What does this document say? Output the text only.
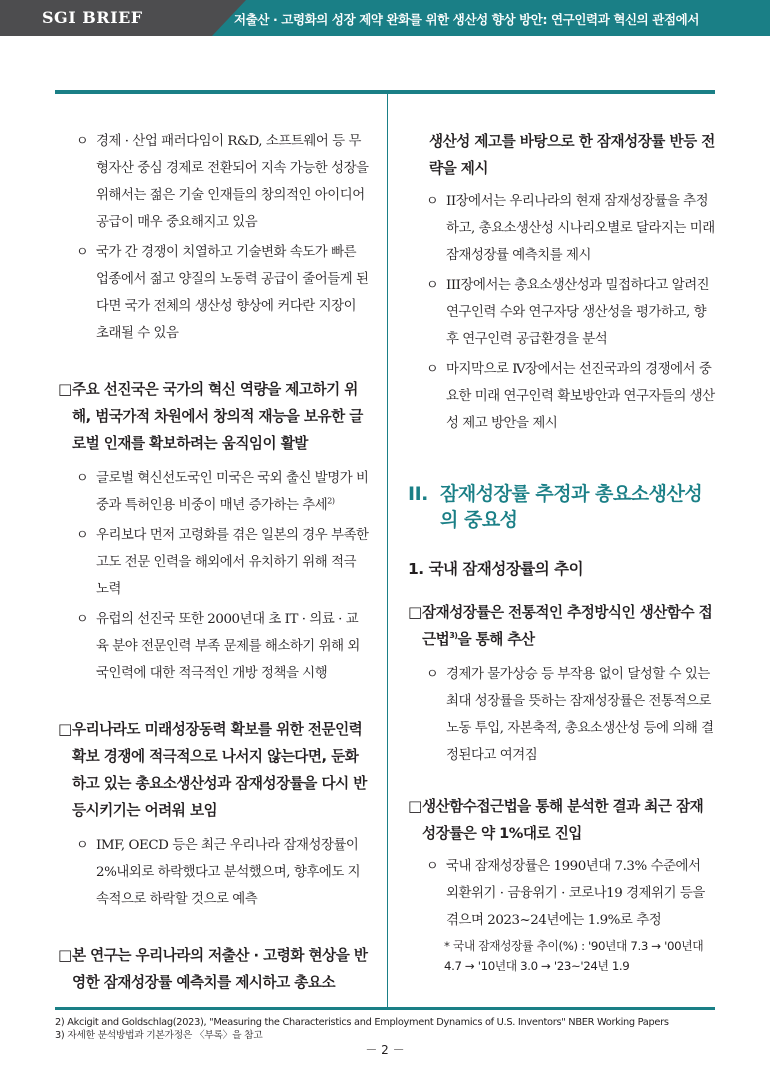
SGI BRIEF	저출산 · 고령화의 성장 제약 완화를 위한 생산성 향상 방안: 연구인력과 혁신의 관점에서
ㅇ 경제 · 산업 패러다임이 R&D, 소프트웨어 등 무형자산 중심 경제로 전환되어 지속 가능한 성장을 위해서는 젊은 기술 인재들의 창의적인 아이디어 공급이 매우 중요해지고 있음
ㅇ 국가 간 경쟁이 치열하고 기술변화 속도가 빠른 업종에서 젊고 양질의 노동력 공급이 줄어들게 된다면 국가 전체의 생산성 향상에 커다란 지장이 초래될 수 있음
□ 주요 선진국은 국가의 혁신 역량을 제고하기 위해, 범국가적 차원에서 창의적 재능을 보유한 글로벌 인재를 확보하려는 움직임이 활발
ㅇ 글로벌 혁신선도국인 미국은 국외 출신 발명가 비중과 특허인용 비중이 매년 증가하는 추세$^{2)}$
ㅇ 우리보다 먼저 고령화를 겪은 일본의 경우 부족한 고도 전문 인력을 해외에서 유치하기 위해 적극 노력
ㅇ 유럽의 선진국 또한 2000년대 초 IT · 의료 · 교육 분야 전문인력 부족 문제를 해소하기 위해 외국인력에 대한 적극적인 개방 정책을 시행
□ 우리나라도 미래성장동력 확보를 위한 전문인력 확보 경쟁에 적극적으로 나서지 않는다면, 둔화하고 있는 총요소생산성과 잠재성장률을 다시 반등시키기는 어려워 보임
ㅇ IMF, OECD 등은 최근 우리나라 잠재성장률이 2%내외로 하락했다고 분석했으며, 향후에도 지속적으로 하락할 것으로 예측
□ 본 연구는 우리나라의 저출산 · 고령화 현상을 반영한 잠재성장률 예측치를 제시하고 총요소
생산성 제고를 바탕으로 한 잠재성장률 반등 전략을 제시
ㅇ II장에서는 우리나라의 현재 잠재성장률을 추정하고, 총요소생산성 시나리오별로 달라지는 미래 잠재성장률 예측치를 제시
ㅇ III장에서는 총요소생산성과 밀접하다고 알려진 연구인력 수와 연구자당 생산성을 평가하고, 향후 연구인력 공급환경을 분석
ㅇ 마지막으로 Ⅳ장에서는 선진국과의 경쟁에서 중요한 미래 연구인력 확보방안과 연구자들의 생산성 제고 방안을 제시
II. 잠재성장률 추정과 총요소생산성의 중요성
1. 국내 잠재성장률의 추이
□ 잠재성장률은 전통적인 추정방식인 생산함수 접근법$^{3)}$을 통해 추산
ㅇ 경제가 물가상승 등 부작용 없이 달성할 수 있는 최대 성장률을 뜻하는 잠재성장률은 전통적으로 노동 투입, 자본축적, 총요소생산성 등에 의해 결정된다고 여겨짐
□ 생산함수접근법을 통해 분석한 결과 최근 잠재성장률은 약 1%대로 진입
ㅇ 국내 잠재성장률은 1990년대 7.3% 수준에서 외환위기 · 금융위기 · 코로나19 경제위기 등을 겪으며 2023~24년에는 1.9%로 추정
* 국내 잠재성장률 추이(%) : '90년대 7.3 → '00년대 4.7 → '10년대 3.0 → '23~'24년 1.9
2) Akcigit and Goldschlag(2023), "Measuring the Characteristics and Employment Dynamics of U.S. Inventors" NBER Working Papers
3) 자세한 분석방법과 기본가정은 〈부록〉을 참고
－ 2 －
